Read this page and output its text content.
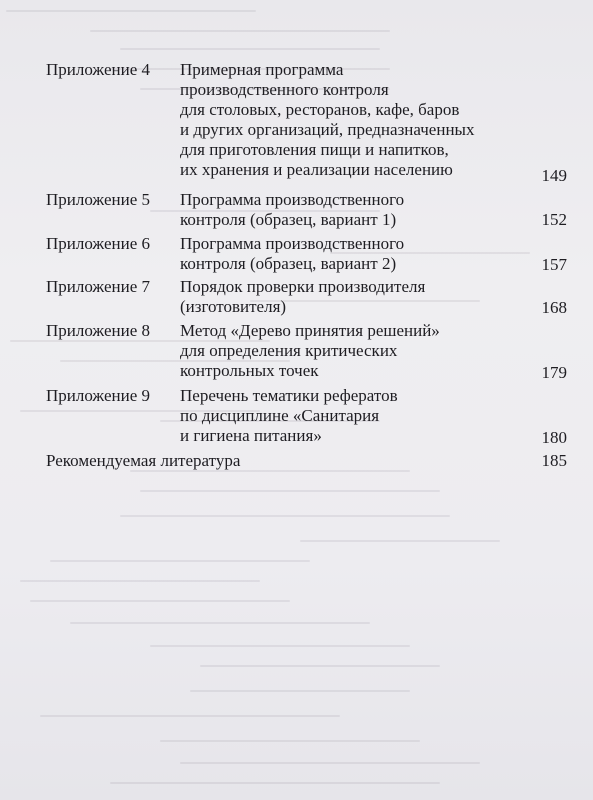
Приложение 4 Примерная программа
производственного контроля
для столовых, ресторанов, кафе, баров
и других организаций, предназначенных
для приготовления пищи и напитков,
их хранения и реализации населению	149
Приложение 5 Программа производственного
контроля (образец, вариант 1)	152
Приложение 6 Программа производственного
контроля (образец, вариант 2)	157
Приложение 7 Порядок проверки производителя
(изготовителя)	168
Приложение 8 Метод «Дерево принятия решений»
для определения критических
контрольных точек	179
Приложение 9 Перечень тематики рефератов
по дисциплине «Санитария
и гигиена питания»	180
Рекомендуемая литература	185
